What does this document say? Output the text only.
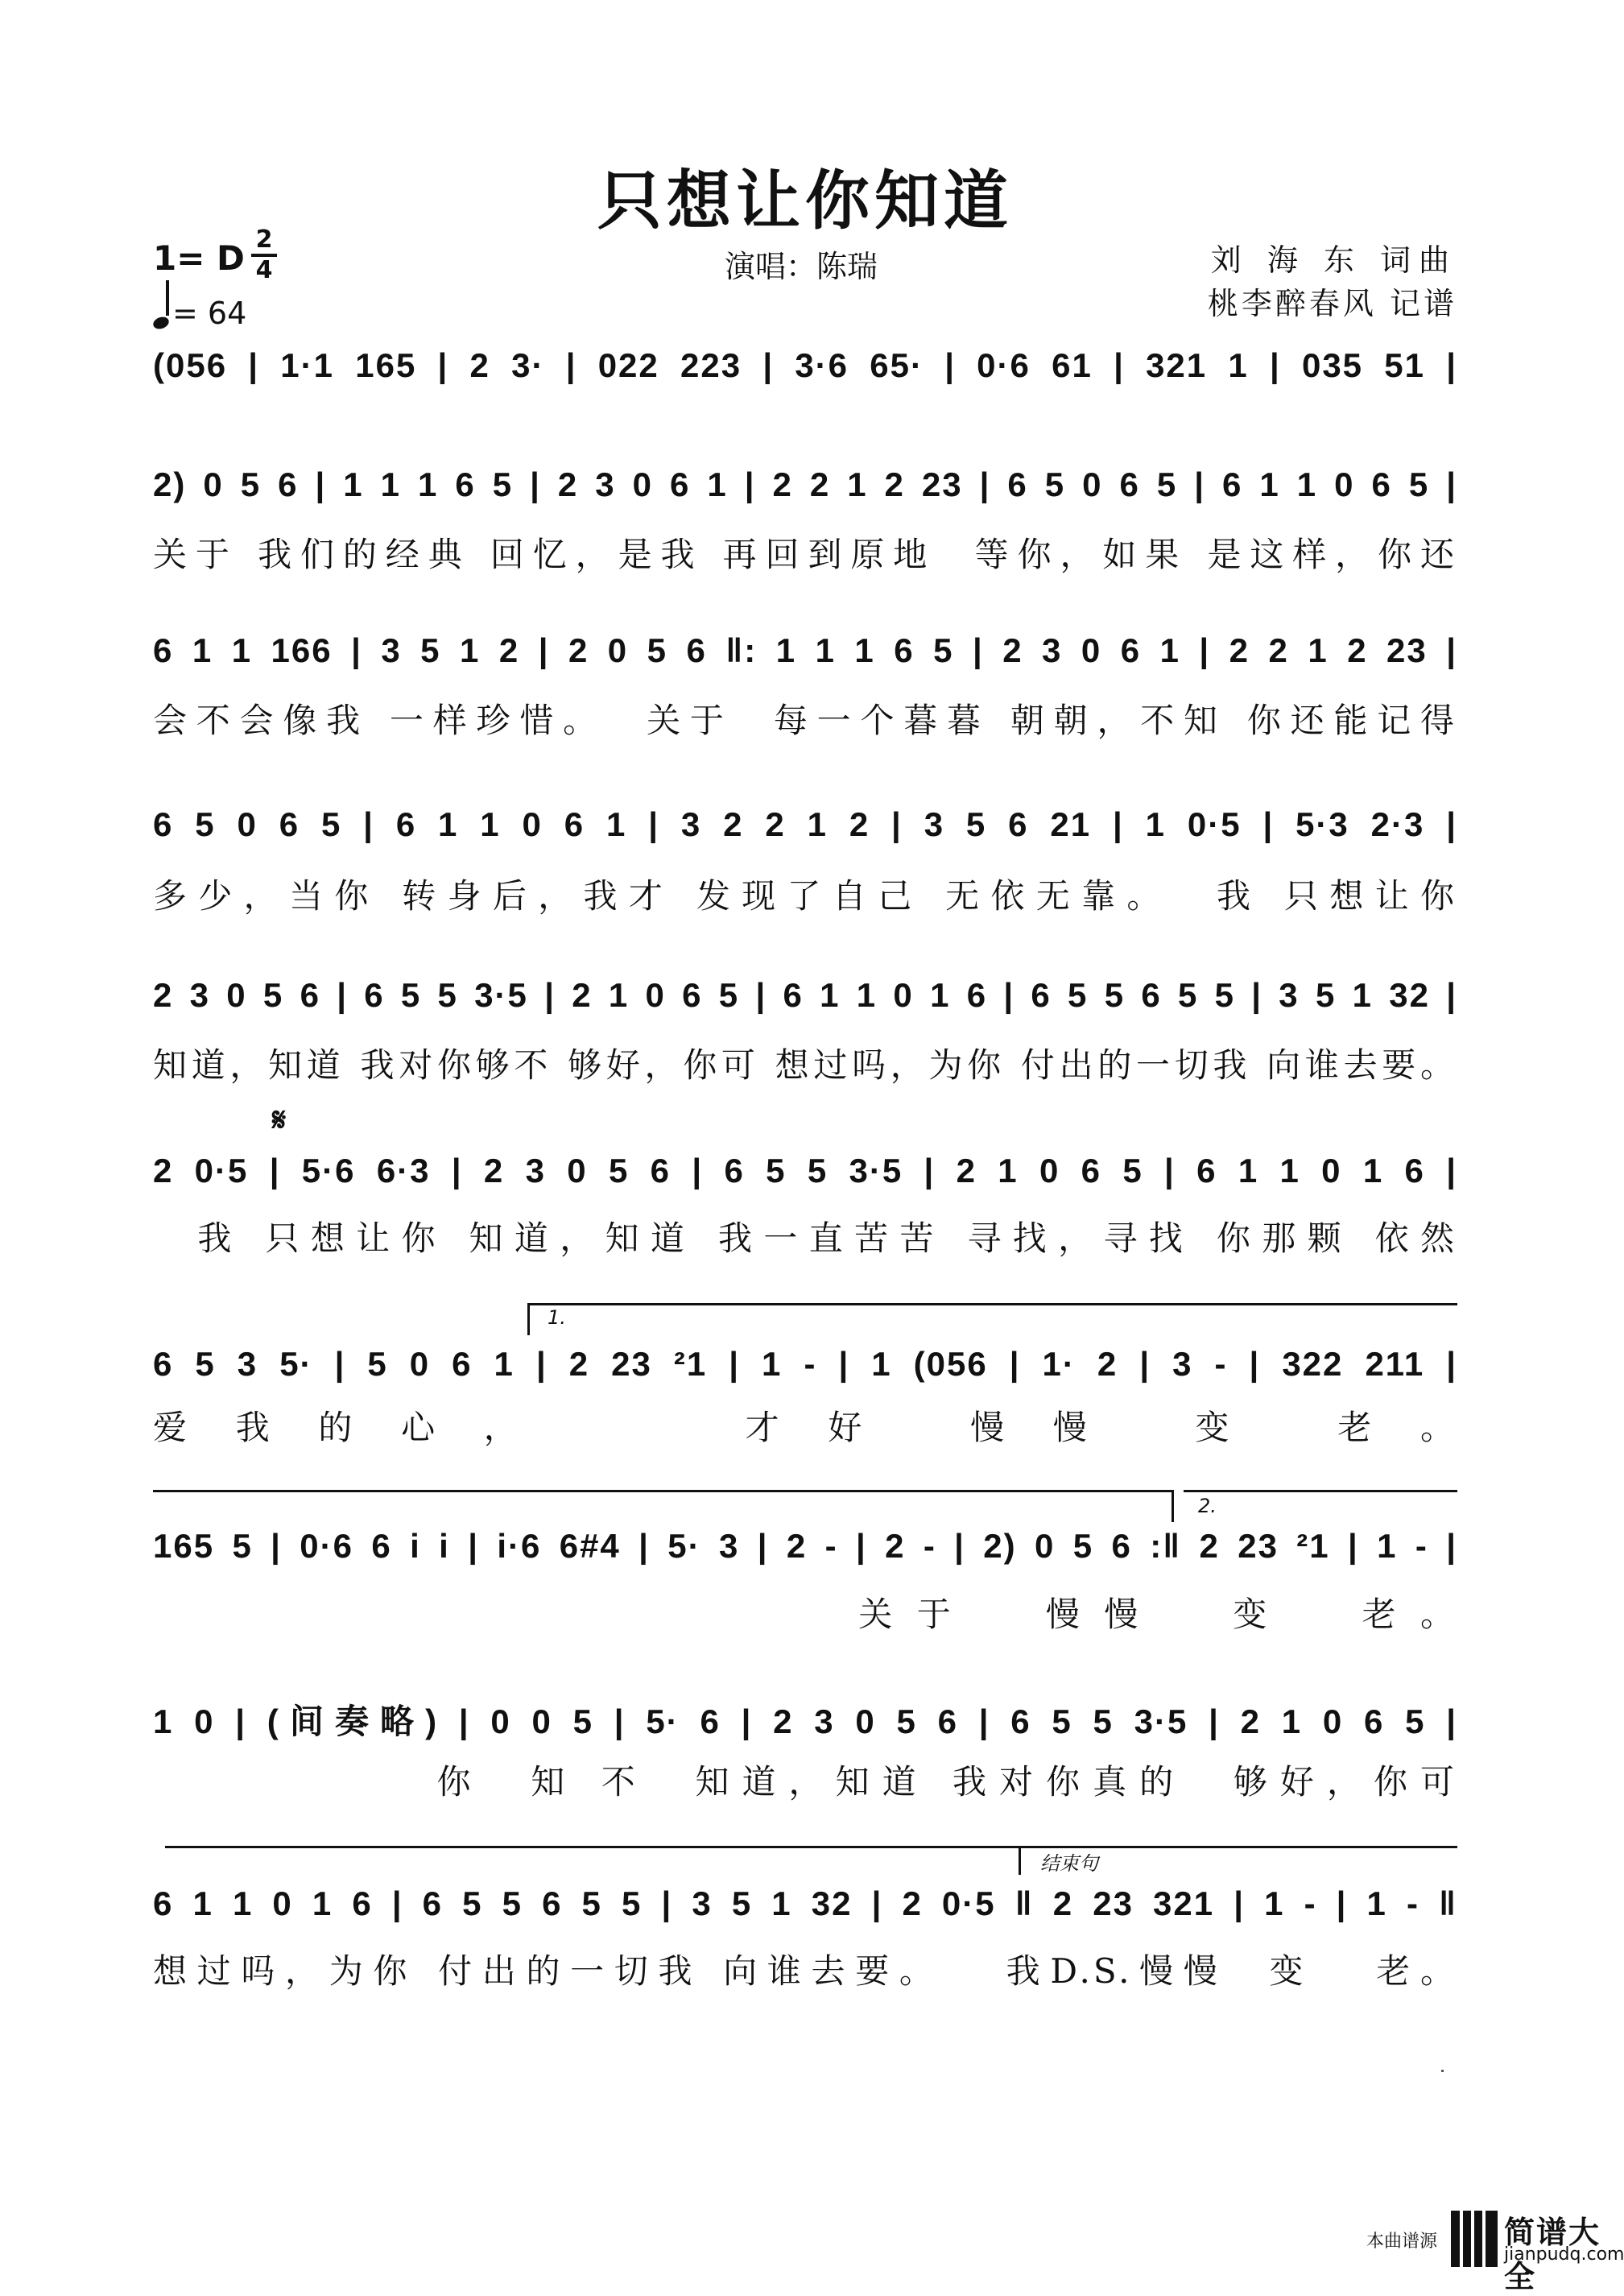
只想让你知道
1= D 2
4
= 64
演唱：陈瑞	刘 海 东 词曲
桃李醉春风 记谱
(056 | 1·1 165 | 2 3· | 022 223 | 3·6 65· | 0·6 61 | 321 1 | 035 51 |
2) 0 5 6 | 1 1 1 6 5 | 2 3 0 6 1 | 2 2 1 2 23 | 6 5 0 6 5 | 6 1 1 0 6 5 |
关于 我们的经典 回忆，是我 再回到原地  等你，如果 是这样，你还
6 1 1 166 | 3 5 1 2 | 2 0 5 6 ‖: 1 1 1 6 5 | 2 3 0 6 1 | 2 2 1 2 23 |
会不会像我 一样珍惜。  关于  每一个暮暮 朝朝，不知 你还能记得
6 5 0 6 5 | 6 1 1 0 6 1 | 3 2 2 1 2 | 3 5 6 21 | 1 0·5 | 5·3 2·3 |
多少，当你 转身后，我才 发现了自己 无依无靠。  我 只想让你
2 3 0 5 6 | 6 5 5 3·5 | 2 1 0 6 5 | 6 1 1 0 1 6 | 6 5 5 6 5 5 | 3 5 1 32 |
知道，知道 我对你够不 够好，你可 想过吗，为你 付出的一切我 向谁去要。
𝄋
2 0·5 | 5·6 6·3 | 2 3 0 5 6 | 6 5 5 3·5 | 2 1 0 6 5 | 6 1 1 0 1 6 |
我 只想让你 知道，知道 我一直苦苦 寻找，寻找 你那颗 依然
1.
6 5 3 5· | 5 0 6 1 | 2 23 ²1 | 1 - | 1 (056 | 1· 2 | 3 - | 322 211 |
爱我的心，   才好 慢慢 变 老。
2.
165 5 | 0·6 6 i i | i·6 6#4 | 5· 3 | 2 - | 2 - | 2) 0 5 6 :‖ 2 23 ²1 | 1 - |
关于  慢慢  变  老。
1 0 | (间奏略) | 0 0 5 | 5· 6 | 2 3 0 5 6 | 6 5 5 3·5 | 2 1 0 6 5 |
你  知 不  知道，知道 我对你真的  够好，你可
结束句
6 1 1 0 1 6 | 6 5 5 6 5 5 | 3 5 1 32 | 2 0·5 ‖ 2 23 321 | 1 - | 1 - ‖
想过吗，为你 付出的一切我 向谁去要。   我D.S.慢慢  变   老。
本曲谱源 简谱大全
jianpudq.com
